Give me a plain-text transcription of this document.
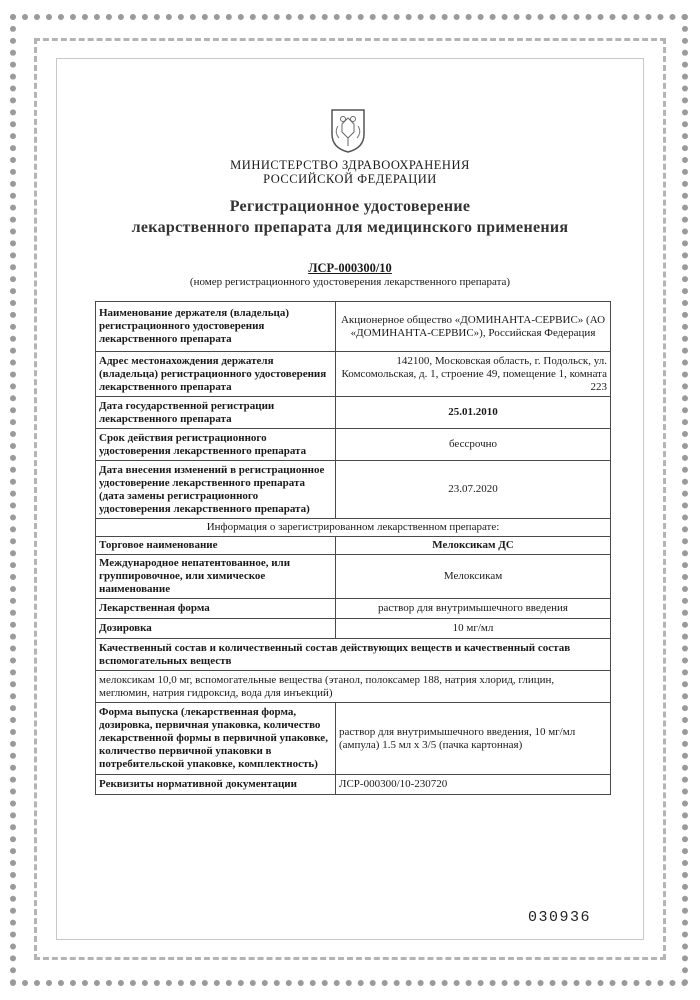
МИНИСТЕРСТВО ЗДРАВООХРАНЕНИЯ
РОССИЙСКОЙ ФЕДЕРАЦИИ
Регистрационное удостоверение
лекарственного препарата для медицинского применения
ЛСР-000300/10
(номер регистрационного удостоверения лекарственного препарата)
Наименование держателя (владельца) регистрационного удостоверения лекарственного препарата	Акционерное общество «ДОМИНАНТА-СЕРВИС» (АО «ДОМИНАНТА-СЕРВИС»), Российская Федерация
Адрес местонахождения держателя (владельца) регистрационного удостоверения лекарственного препарата	142100, Московская область, г. Подольск, ул. Комсомольская, д. 1, строение 49, помещение 1, комната 223
Дата государственной регистрации лекарственного препарата	25.01.2010
Срок действия регистрационного удостоверения лекарственного препарата	бессрочно
Дата внесения изменений в регистрационное удостоверение лекарственного препарата (дата замены регистрационного удостоверения лекарственного препарата)	23.07.2020
Информация о зарегистрированном лекарственном препарате:	
Торговое наименование	Мелоксикам ДС
Международное непатентованное, или группировочное, или химическое наименование	Мелоксикам
Лекарственная форма	раствор для внутримышечного введения
Дозировка	10 мг/мл
Качественный состав и количественный состав действующих веществ и качественный состав вспомогательных веществ	
мелоксикам 10,0 мг, вспомогательные вещества (этанол, полоксамер 188, натрия хлорид, глицин, меглюмин, натрия гидроксид, вода для инъекций)	
Форма выпуска (лекарственная форма, дозировка, первичная упаковка, количество лекарственной формы в первичной упаковке, количество первичной упаковки в потребительской упаковке, комплектность)	раствор для внутримышечного введения, 10 мг/мл (ампула) 1.5 мл х 3/5 (пачка картонная)
Реквизиты нормативной документации	ЛСР-000300/10-230720
030936
